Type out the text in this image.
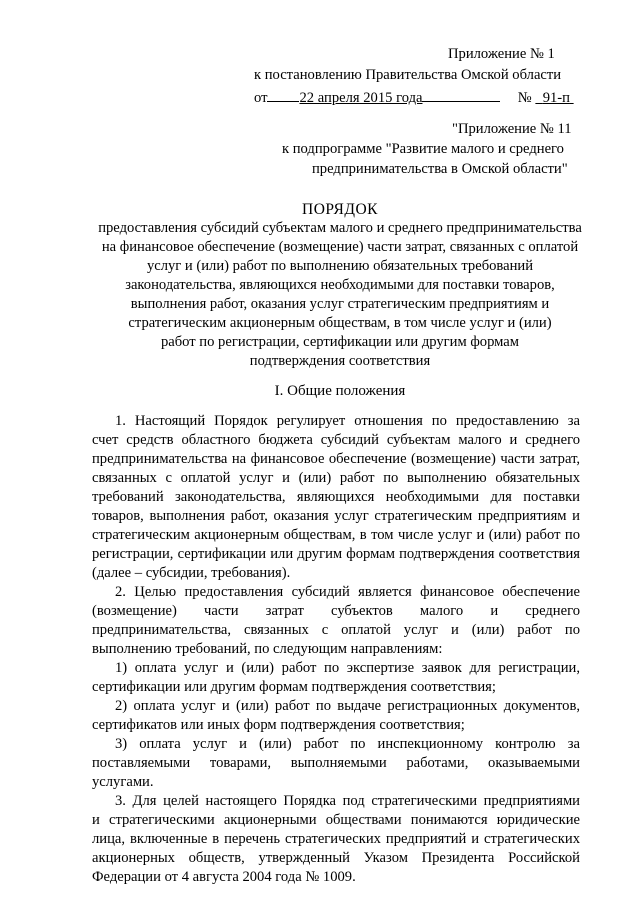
Приложение № 1
к постановлению Правительства Омской области
от 22 апреля 2015 года	№ 91-п
"Приложение № 11
к подпрограмме "Развитие малого и среднего
предпринимательства в Омской области"
ПОРЯДОК
предоставления субсидий субъектам малого и среднего предпринимательства
на финансовое обеспечение (возмещение) части затрат, связанных с оплатой
услуг и (или) работ по выполнению обязательных требований
законодательства, являющихся необходимыми для поставки товаров,
выполнения работ, оказания услуг стратегическим предприятиям и
стратегическим акционерным обществам, в том числе услуг и (или)
работ по регистрации, сертификации или другим формам
подтверждения соответствия
I. Общие положения
1. Настоящий Порядок регулирует отношения по предоставлению за
счет средств областного бюджета субсидий субъектам малого и среднего
предпринимательства на финансовое обеспечение (возмещение) части затрат,
связанных с оплатой услуг и (или) работ по выполнению обязательных
требований законодательства, являющихся необходимыми для поставки
товаров, выполнения работ, оказания услуг стратегическим предприятиям и
стратегическим акционерным обществам, в том числе услуг и (или) работ по
регистрации, сертификации или другим формам подтверждения соответствия
(далее – субсидии, требования).
2. Целью предоставления субсидий является финансовое обеспечение
(возмещение) части затрат субъектов малого и среднего
предпринимательства, связанных с оплатой услуг и (или) работ по
выполнению требований, по следующим направлениям:
1) оплата услуг и (или) работ по экспертизе заявок для регистрации,
сертификации или другим формам подтверждения соответствия;
2) оплата услуг и (или) работ по выдаче регистрационных документов,
сертификатов или иных форм подтверждения соответствия;
3) оплата услуг и (или) работ по инспекционному контролю за
поставляемыми товарами, выполняемыми работами, оказываемыми
услугами.
3. Для целей настоящего Порядка под стратегическими предприятиями
и стратегическими акционерными обществами понимаются юридические
лица, включенные в перечень стратегических предприятий и стратегических
акционерных обществ, утвержденный Указом Президента Российской
Федерации от 4 августа 2004 года № 1009.
